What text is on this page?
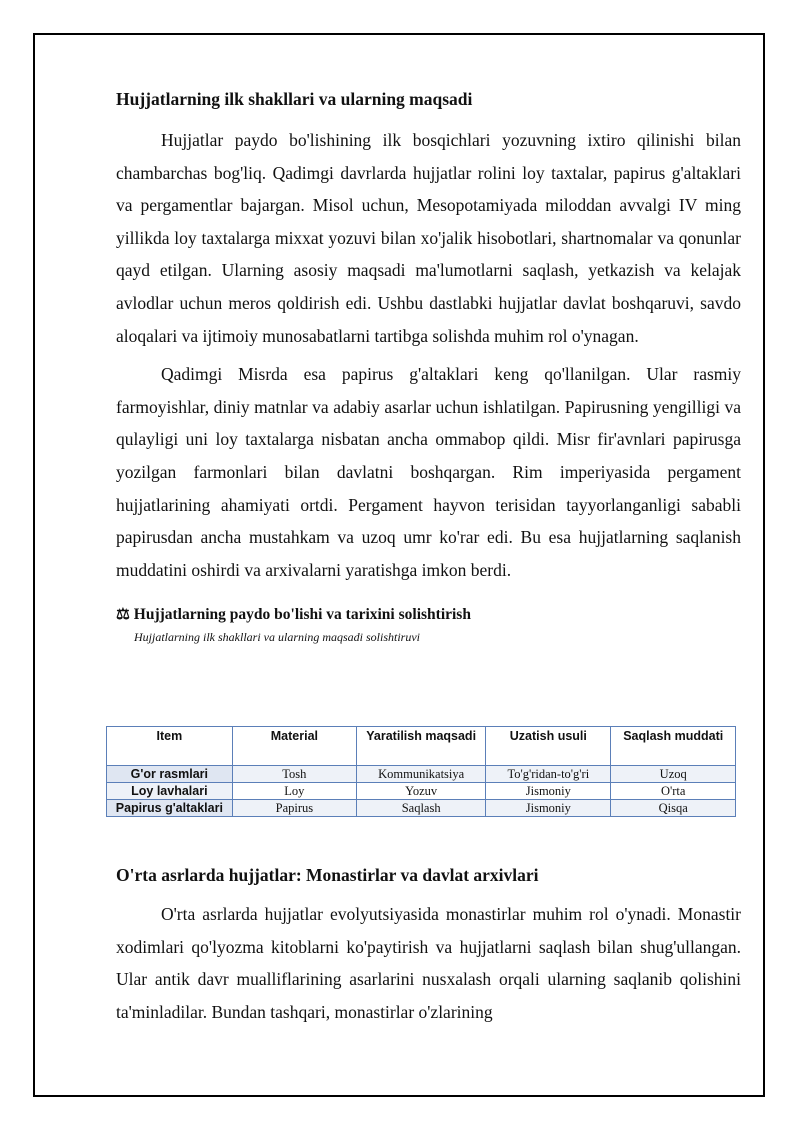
Hujjatlarning ilk shakllari va ularning maqsadi

Hujjatlar paydo bo'lishining ilk bosqichlari yozuvning ixtiro qilinishi bilan chambarchas bog'liq. Qadimgi davrlarda hujjatlar rolini loy taxtalar, papirus g'altaklari va pergamentlar bajargan. Misol uchun, Mesopotamiyada miloddan avvalgi IV ming yillikda loy taxtalarga mixxat yozuvi bilan xo'jalik hisobotlari, shartnomalar va qonunlar qayd etilgan. Ularning asosiy maqsadi ma'lumotlarni saqlash, yetkazish va kelajak avlodlar uchun meros qoldirish edi. Ushbu dastlabki hujjatlar davlat boshqaruvi, savdo aloqalari va ijtimoiy munosabatlarni tartibga solishda muhim rol o'ynagan.

Qadimgi Misrda esa papirus g'altaklari keng qo'llanilgan. Ular rasmiy farmoyishlar, diniy matnlar va adabiy asarlar uchun ishlatilgan. Papirusning yengilligi va qulayligi uni loy taxtalarga nisbatan ancha ommabop qildi. Misr fir'avnlari papirusga yozilgan farmonlari bilan davlatni boshqargan. Rim imperiyasida pergament hujjatlarining ahamiyati ortdi. Pergament hayvon terisidan tayyorlanganligi sababli papirusdan ancha mustahkam va uzoq umr ko'rar edi. Bu esa hujjatlarning saqlanish muddatini oshirdi va arxivalarni yaratishga imkon berdi.

⚖ Hujjatlarning paydo bo'lishi va tarixini solishtirish
Hujjatlarning ilk shakllari va ularning maqsadi solishtiruvi
Item	Material	Yaratilish maqsadi	Uzatish usuli	Saqlash muddati
G'or rasmlari	Tosh	Kommunikatsiya	To'g'ridan-to'g'ri	Uzoq
Loy lavhalari	Loy	Yozuv	Jismoniy	O'rta
Papirus g'altaklari	Papirus	Saqlash	Jismoniy	Qisqa
O'rta asrlarda hujjatlar: Monastirlar va davlat arxivlari

O'rta asrlarda hujjatlar evolyutsiyasida monastirlar muhim rol o'ynadi. Monastir xodimlari qo'lyozma kitoblarni ko'paytirish va hujjatlarni saqlash bilan shug'ullangan. Ular antik davr mualliflarining asarlarini nusxalash orqali ularning saqlanib qolishini ta'minladilar. Bundan tashqari, monastirlar o'zlarining
